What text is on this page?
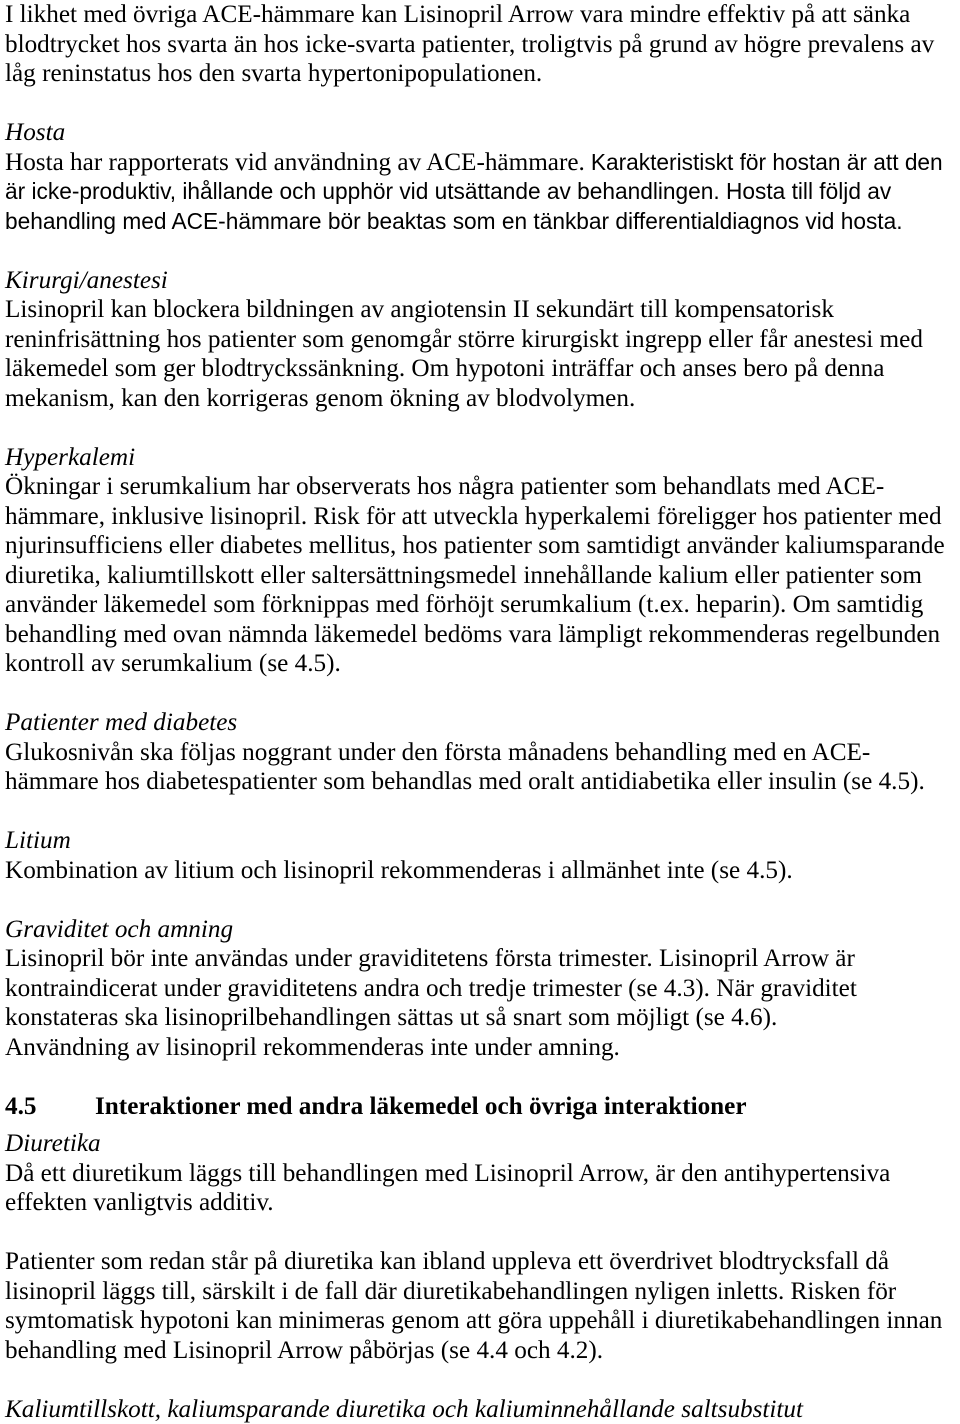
I likhet med övriga ACE-hämmare kan Lisinopril Arrow vara mindre effektiv på att sänka
blodtrycket hos svarta än hos icke-svarta patienter, troligtvis på grund av högre prevalens av
låg reninstatus hos den svarta hypertonipopulationen.
Hosta
Hosta har rapporterats vid användning av ACE-hämmare. Karakteristiskt för hostan är att den
är icke-produktiv, ihållande och upphör vid utsättande av behandlingen. Hosta till följd av
behandling med ACE-hämmare bör beaktas som en tänkbar differentialdiagnos vid hosta.
Kirurgi/anestesi
Lisinopril kan blockera bildningen av angiotensin II sekundärt till kompensatorisk
reninfrisättning hos patienter som genomgår större kirurgiskt ingrepp eller får anestesi med
läkemedel som ger blodtryckssänkning. Om hypotoni inträffar och anses bero på denna
mekanism, kan den korrigeras genom ökning av blodvolymen.
Hyperkalemi
Ökningar i serumkalium har observerats hos några patienter som behandlats med ACE-
hämmare, inklusive lisinopril. Risk för att utveckla hyperkalemi föreligger hos patienter med
njurinsufficiens eller diabetes mellitus, hos patienter som samtidigt använder kaliumsparande
diuretika, kaliumtillskott eller saltersättningsmedel innehållande kalium eller patienter som
använder läkemedel som förknippas med förhöjt serumkalium (t.ex. heparin). Om samtidig
behandling med ovan nämnda läkemedel bedöms vara lämpligt rekommenderas regelbunden
kontroll av serumkalium (se 4.5).
Patienter med diabetes
Glukosnivån ska följas noggrant under den första månadens behandling med en ACE-
hämmare hos diabetespatienter som behandlas med oralt antidiabetika eller insulin (se 4.5).
Litium
Kombination av litium och lisinopril rekommenderas i allmänhet inte (se 4.5).
Graviditet och amning
Lisinopril bör inte användas under graviditetens första trimester. Lisinopril Arrow är
kontraindicerat under graviditetens andra och tredje trimester (se 4.3). När graviditet
konstateras ska lisinoprilbehandlingen sättas ut så snart som möjligt (se 4.6).
Användning av lisinopril rekommenderas inte under amning.
4.5 Interaktioner med andra läkemedel och övriga interaktioner
Diuretika
Då ett diuretikum läggs till behandlingen med Lisinopril Arrow, är den antihypertensiva
effekten vanligtvis additiv.
Patienter som redan står på diuretika kan ibland uppleva ett överdrivet blodtrycksfall då
lisinopril läggs till, särskilt i de fall där diuretikabehandlingen nyligen inletts. Risken för
symtomatisk hypotoni kan minimeras genom att göra uppehåll i diuretikabehandlingen innan
behandling med Lisinopril Arrow påbörjas (se 4.4 och 4.2).
Kaliumtillskott, kaliumsparande diuretika och kaliuminnehållande saltsubstitut
